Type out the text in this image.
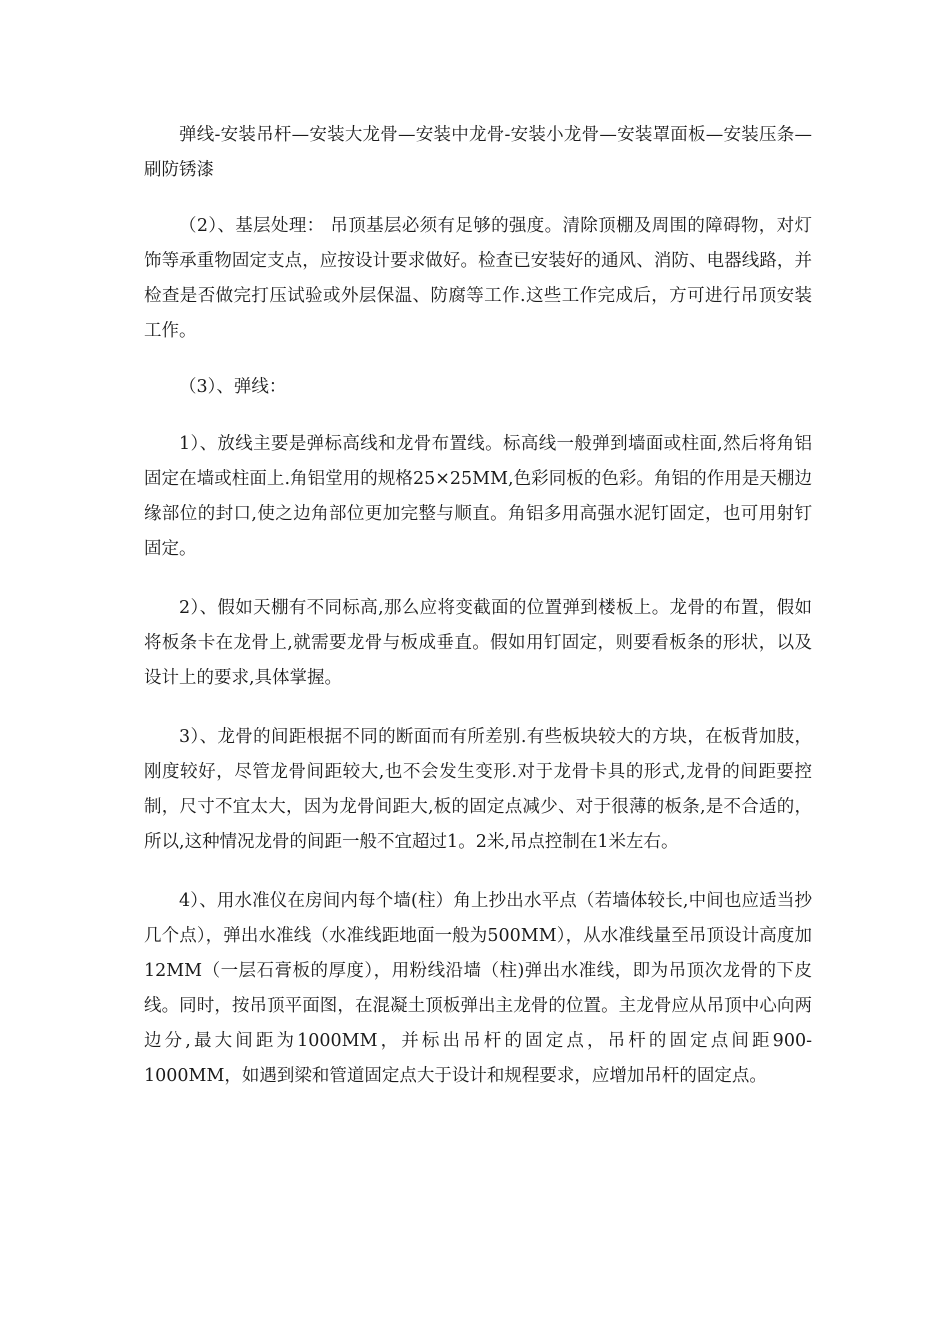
弹线-安装吊杆—安装大龙骨—安装中龙骨-安装小龙骨—安装罩面板—安装压条—刷防锈漆

（2）、基层处理： 吊顶基层必须有足够的强度。清除顶棚及周围的障碍物，对灯饰等承重物固定支点，应按设计要求做好。检查已安装好的通风、消防、电器线路，并检查是否做完打压试验或外层保温、防腐等工作.这些工作完成后，方可进行吊顶安装工作。

（3）、弹线：

1）、放线主要是弹标高线和龙骨布置线。标高线一般弹到墙面或柱面,然后将角铝固定在墙或柱面上.角铝堂用的规格25×25MM,色彩同板的色彩。角铝的作用是天棚边缘部位的封口,使之边角部位更加完整与顺直。角铝多用高强水泥钉固定，也可用射钉固定。

2）、假如天棚有不同标高,那么应将变截面的位置弹到楼板上。龙骨的布置，假如将板条卡在龙骨上,就需要龙骨与板成垂直。假如用钉固定，则要看板条的形状，以及设计上的要求,具体掌握。

3）、龙骨的间距根据不同的断面而有所差别.有些板块较大的方块，在板背加肢，刚度较好，尽管龙骨间距较大,也不会发生变形.对于龙骨卡具的形式,龙骨的间距要控制，尺寸不宜太大，因为龙骨间距大,板的固定点减少、对于很薄的板条,是不合适的，所以,这种情况龙骨的间距一般不宜超过1。2米,吊点控制在1米左右。

4）、用水准仪在房间内每个墙(柱）角上抄出水平点（若墙体较长,中间也应适当抄几个点），弹出水准线（水准线距地面一般为500MM），从水准线量至吊顶设计高度加12MM（一层石膏板的厚度），用粉线沿墙（柱)弹出水准线，即为吊顶次龙骨的下皮线。同时，按吊顶平面图，在混凝土顶板弹出主龙骨的位置。主龙骨应从吊顶中心向两边分,最大间距为1000MM，并标出吊杆的固定点，吊杆的固定点间距900-1000MM，如遇到梁和管道固定点大于设计和规程要求，应增加吊杆的固定点。
